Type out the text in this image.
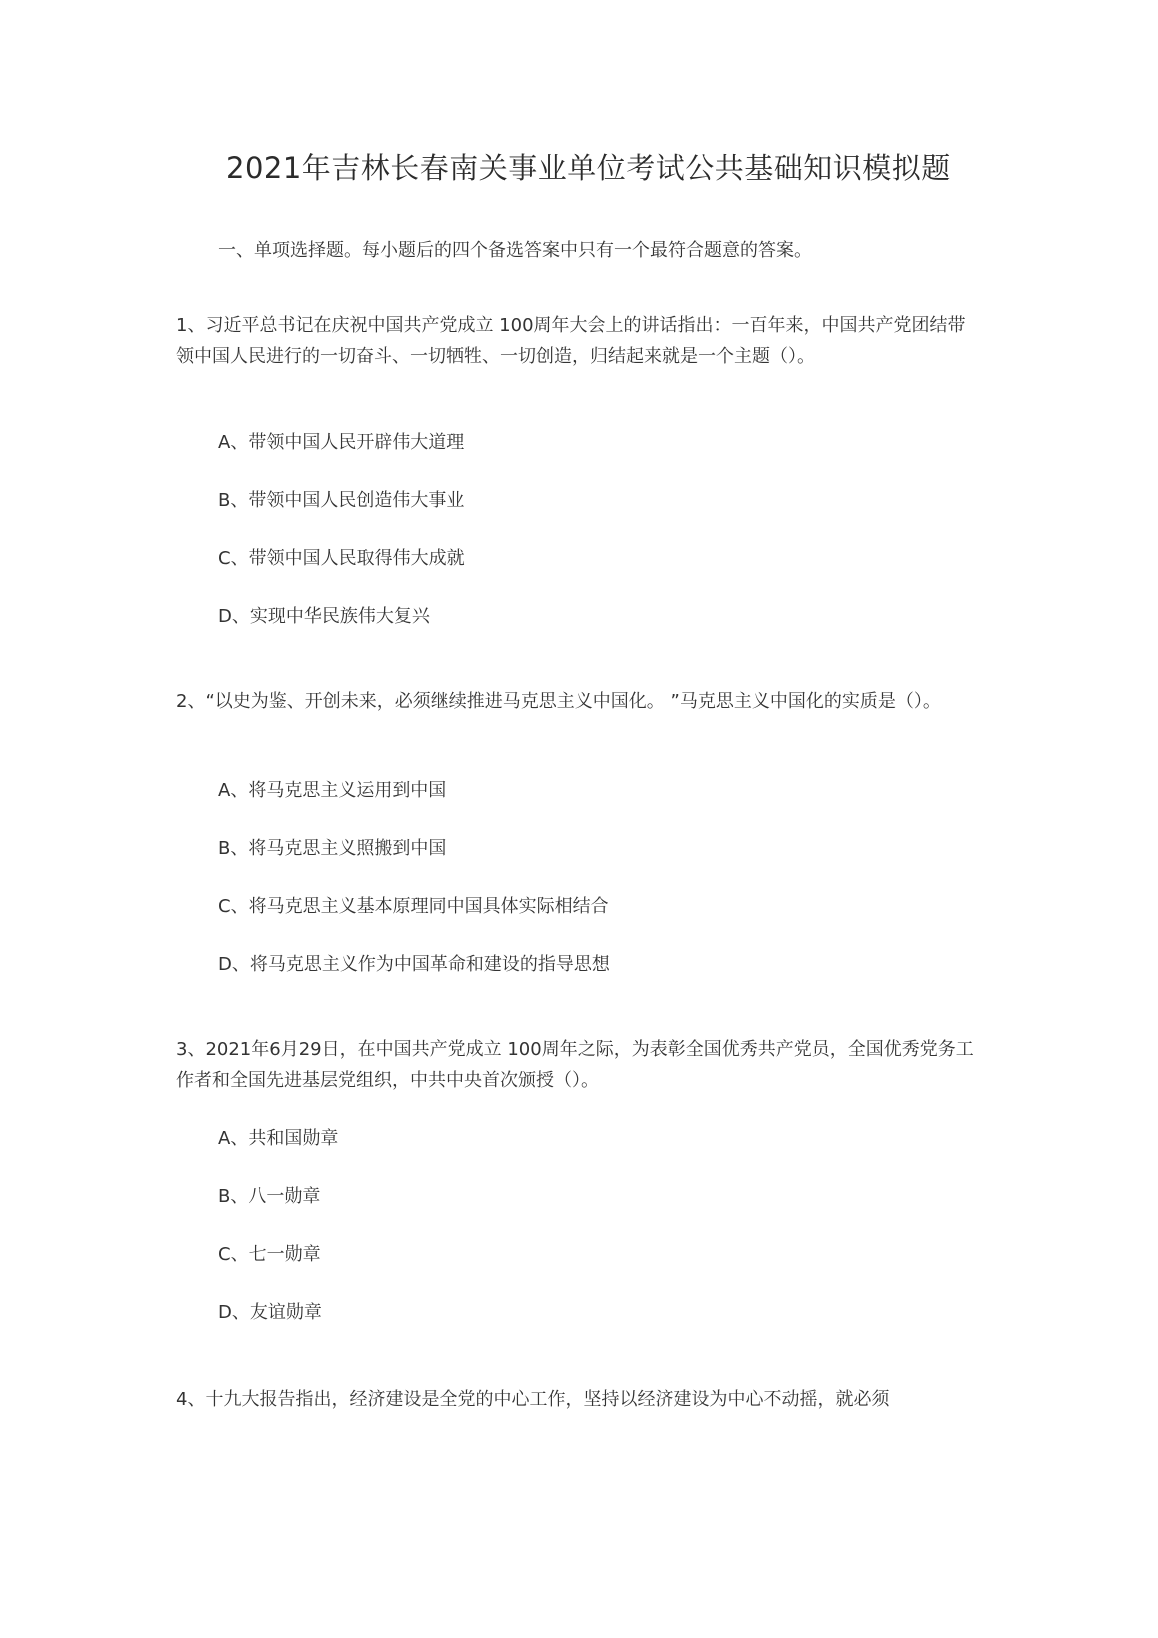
2021年吉林长春南关事业单位考试公共基础知识模拟题
一、单项选择题。每小题后的四个备选答案中只有一个最符合题意的答案。
1、习近平总书记在庆祝中国共产党成立 100周年大会上的讲话指出：一百年来，中国共产党团结带领中国人民进行的一切奋斗、一切牺牲、一切创造，归结起来就是一个主题（）。
A、带领中国人民开辟伟大道理
B、带领中国人民创造伟大事业
C、带领中国人民取得伟大成就
D、实现中华民族伟大复兴
2、“以史为鉴、开创未来，必须继续推进马克思主义中国化。 ”马克思主义中国化的实质是（）。
A、将马克思主义运用到中国
B、将马克思主义照搬到中国
C、将马克思主义基本原理同中国具体实际相结合
D、将马克思主义作为中国革命和建设的指导思想
3、2021年6月29日，在中国共产党成立 100周年之际，为表彰全国优秀共产党员，全国优秀党务工作者和全国先进基层党组织，中共中央首次颁授（）。
A、共和国勋章
B、八一勋章
C、七一勋章
D、友谊勋章
4、十九大报告指出，经济建设是全党的中心工作，坚持以经济建设为中心不动摇，就必须
